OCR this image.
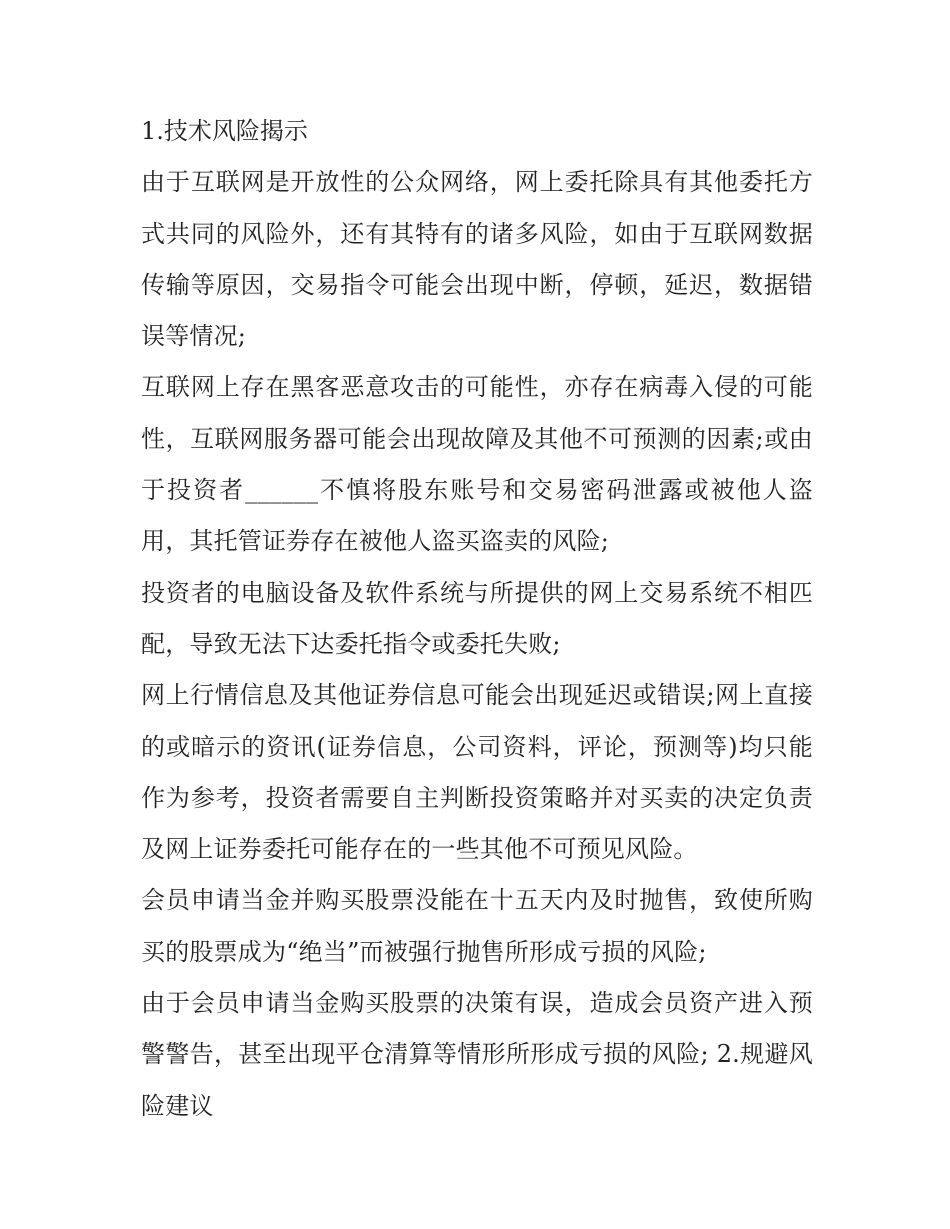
1.技术风险揭示

由于互联网是开放性的公众网络，网上委托除具有其他委托方式共同的风险外，还有其特有的诸多风险，如由于互联网数据传输等原因，交易指令可能会出现中断，停顿，延迟，数据错误等情况;

互联网上存在黑客恶意攻击的可能性，亦存在病毒入侵的可能性，互联网服务器可能会出现故障及其他不可预测的因素;或由于投资者______不慎将股东账号和交易密码泄露或被他人盗用，其托管证券存在被他人盗买盗卖的风险;

投资者的电脑设备及软件系统与所提供的网上交易系统不相匹配，导致无法下达委托指令或委托失败;

网上行情信息及其他证券信息可能会出现延迟或错误;网上直接的或暗示的资讯(证券信息，公司资料，评论，预测等)均只能作为参考，投资者需要自主判断投资策略并对买卖的决定负责及网上证券委托可能存在的一些其他不可预见风险。

会员申请当金并购买股票没能在十五天内及时抛售，致使所购买的股票成为“绝当”而被强行抛售所形成亏损的风险;

由于会员申请当金购买股票的决策有误，造成会员资产进入预警警告，甚至出现平仓清算等情形所形成亏损的风险; 2.规避风险建议
